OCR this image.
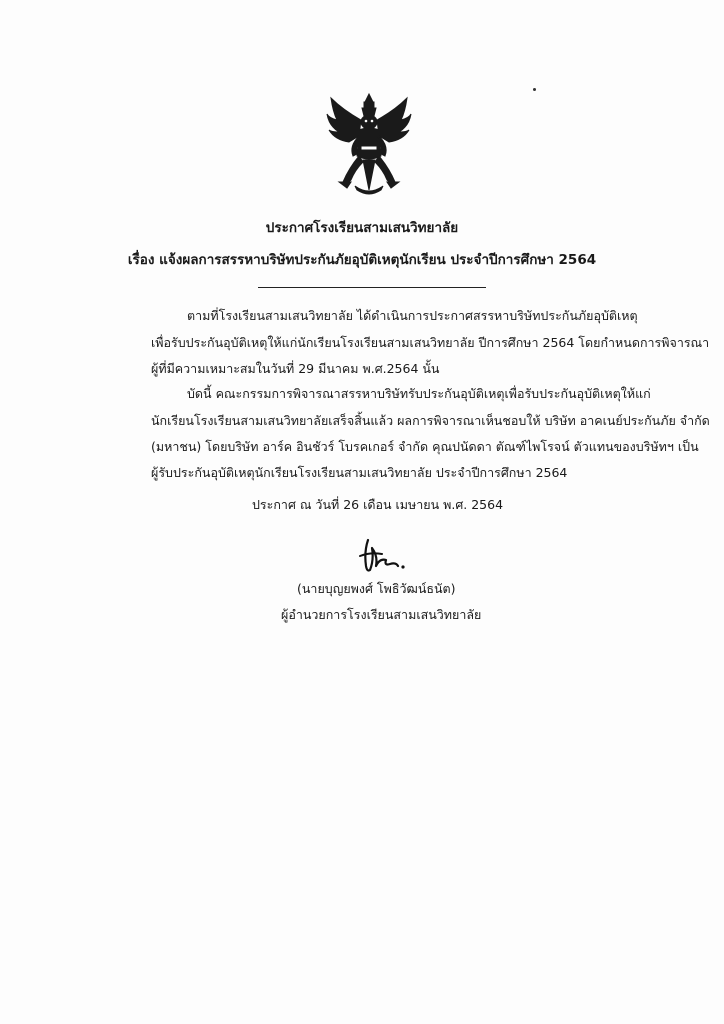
ประกาศโรงเรียนสามเสนวิทยาลัย
เรื่อง แจ้งผลการสรรหาบริษัทประกันภัยอุบัติเหตุนักเรียน ประจำปีการศึกษา 2564
ตามที่โรงเรียนสามเสนวิทยาลัย ได้ดำเนินการประกาศสรรหาบริษัทประกันภัยอุบัติเหตุ
เพื่อรับประกันอุบัติเหตุให้แก่นักเรียนโรงเรียนสามเสนวิทยาลัย ปีการศึกษา 2564 โดยกำหนดการพิจารณา
ผู้ที่มีความเหมาะสมในวันที่ 29 มีนาคม พ.ศ.2564 นั้น
บัดนี้ คณะกรรมการพิจารณาสรรหาบริษัทรับประกันอุบัติเหตุเพื่อรับประกันอุบัติเหตุให้แก่
นักเรียนโรงเรียนสามเสนวิทยาลัยเสร็จสิ้นแล้ว ผลการพิจารณาเห็นชอบให้ บริษัท อาคเนย์ประกันภัย จำกัด
(มหาชน) โดยบริษัท อาร์ค อินชัวร์ โบรคเกอร์ จำกัด คุณปนัดดา ตัณฑ์ไพโรจน์ ตัวแทนของบริษัทฯ เป็น
ผู้รับประกันอุบัติเหตุนักเรียนโรงเรียนสามเสนวิทยาลัย ประจำปีการศึกษา 2564
ประกาศ ณ วันที่ 26 เดือน เมษายน พ.ศ. 2564
(นายบุญยพงศ์ โพธิวัฒน์ธนัต)
ผู้อำนวยการโรงเรียนสามเสนวิทยาลัย
